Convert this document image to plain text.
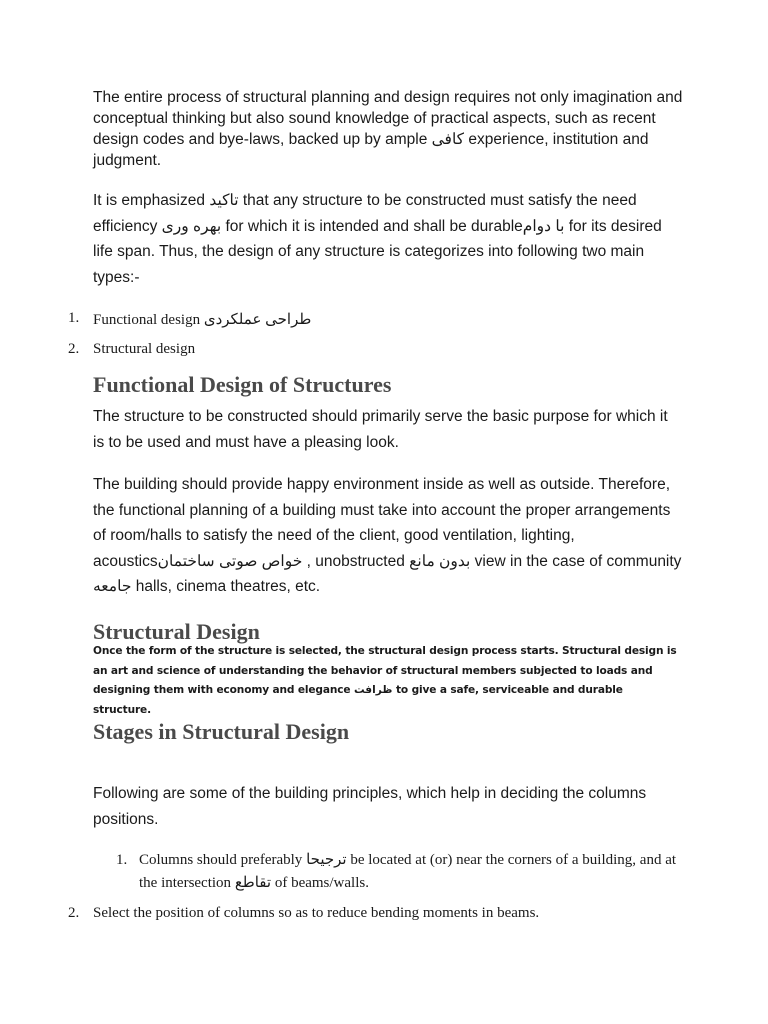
The entire process of structural planning and design requires not only imagination and conceptual thinking but also sound knowledge of practical aspects, such as recent design codes and bye-laws, backed up by ample کافی experience, institution and judgment.
It is emphasized تاکید that any structure to be constructed must satisfy the need efficiency بهره وری for which it is intended and shall be durableبا دوام for its desired life span. Thus, the design of any structure is categorizes into following two main types:-
1. Functional design طراحی عملکردی
2. Structural design
Functional Design of Structures
The structure to be constructed should primarily serve the basic purpose for which it is to be used and must have a pleasing look.
The building should provide happy environment inside as well as outside. Therefore, the functional planning of a building must take into account the proper arrangements of room/halls to satisfy the need of the client, good ventilation, lighting, acousticsخواص صوتی ساختمان , unobstructed بدون مانع view in the case of community جامعه halls, cinema theatres, etc.
Structural Design
Once the form of the structure is selected, the structural design process starts. Structural design is an art and science of understanding the behavior of structural members subjected to loads and designing them with economy and elegance ظرافت to give a safe, serviceable and durable structure.
Stages in Structural Design
Following are some of the building principles, which help in deciding the columns positions.
1. Columns should preferably ترجیحا be located at (or) near the corners of a building, and at the intersection تقاطع of beams/walls.
2. Select the position of columns so as to reduce bending moments in beams.
